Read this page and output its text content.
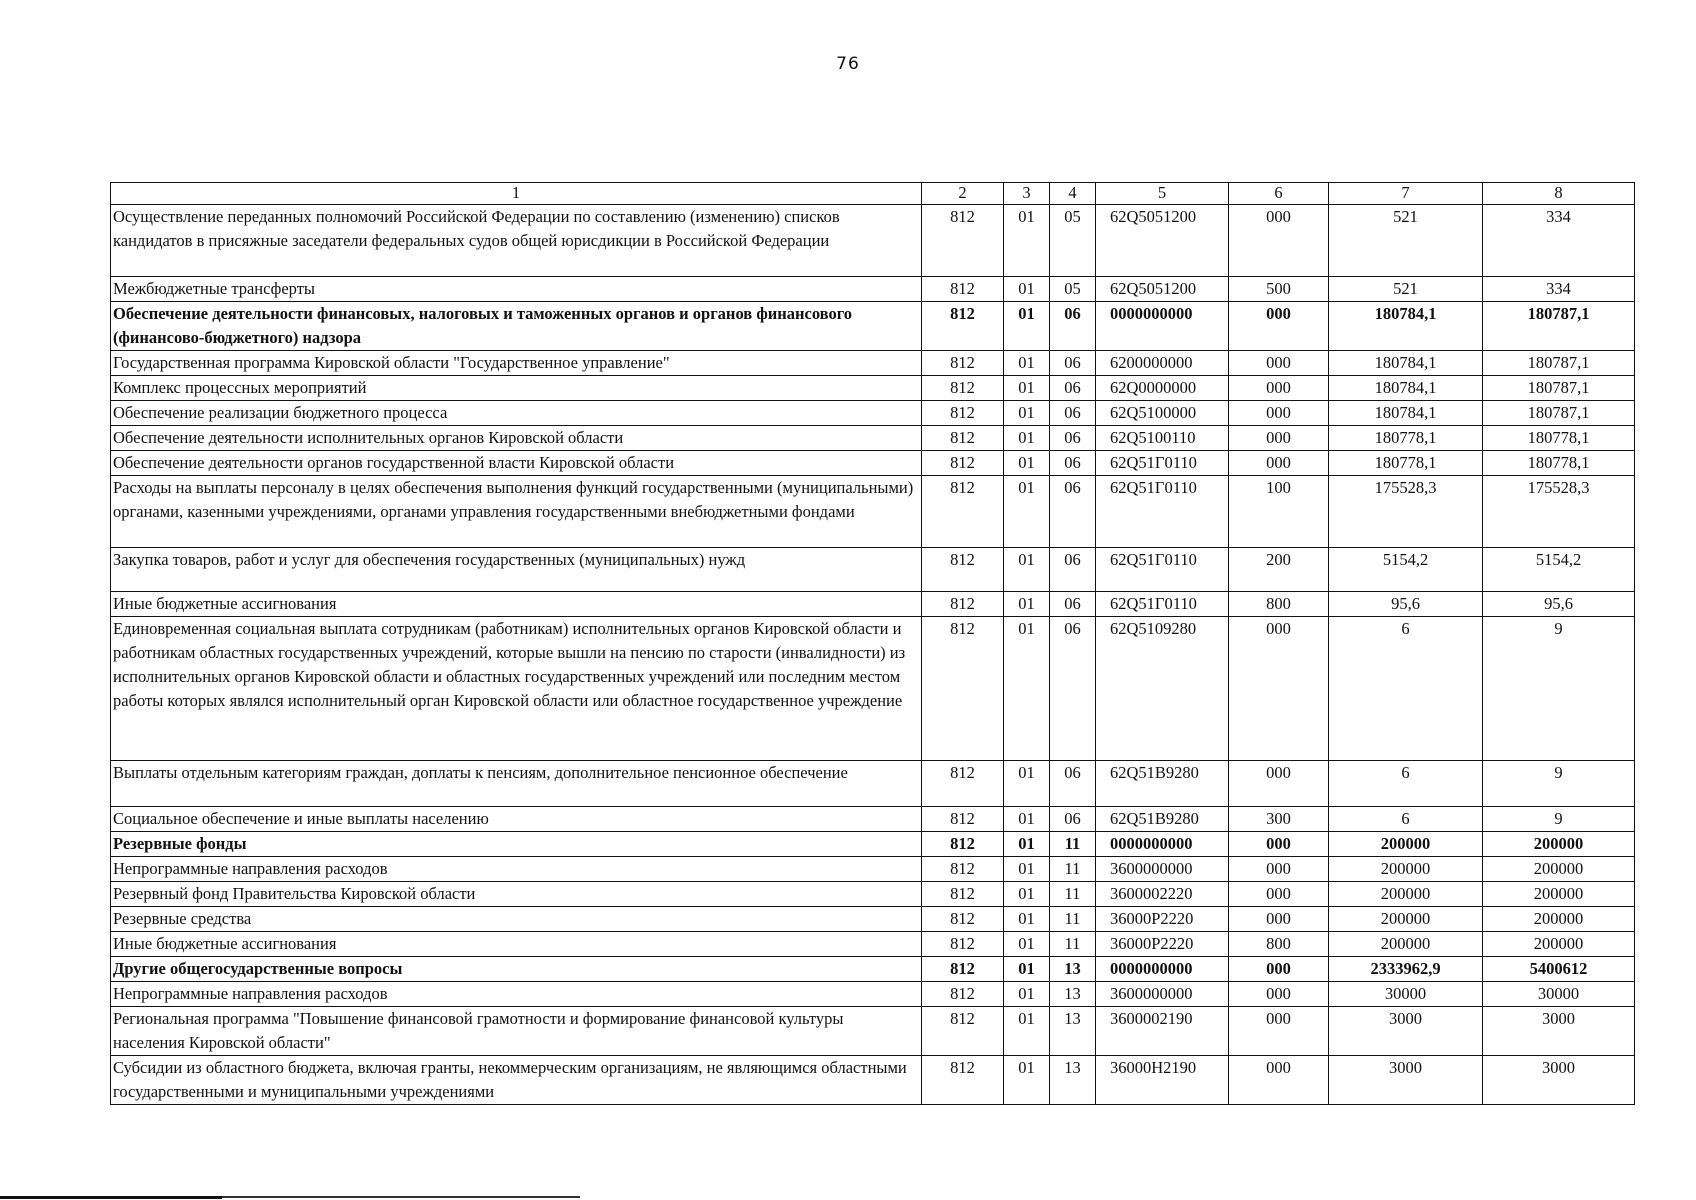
76
1	2	3	4	5	6	7	8
Осуществление переданных полномочий Российской Федерации по составлению (изменению) списков кандидатов в присяжные заседатели федеральных судов общей юрисдикции в Российской Федерации	812	01	05	62Q5051200	000	521	334
Межбюджетные трансферты	812	01	05	62Q5051200	500	521	334
Обеспечение деятельности финансовых, налоговых и таможенных органов и органов финансового (финансово-бюджетного) надзора	812	01	06	0000000000	000	180784,1	180787,1
Государственная программа Кировской области "Государственное управление"	812	01	06	6200000000	000	180784,1	180787,1
Комплекс процессных мероприятий	812	01	06	62Q0000000	000	180784,1	180787,1
Обеспечение реализации бюджетного процесса	812	01	06	62Q5100000	000	180784,1	180787,1
Обеспечение деятельности исполнительных органов Кировской области	812	01	06	62Q5100110	000	180778,1	180778,1
Обеспечение деятельности органов государственной власти Кировской области	812	01	06	62Q51Г0110	000	180778,1	180778,1
Расходы на выплаты персоналу в целях обеспечения выполнения функций государственными (муниципальными) органами, казенными учреждениями, органами управления государственными внебюджетными фондами	812	01	06	62Q51Г0110	100	175528,3	175528,3
Закупка товаров, работ и услуг для обеспечения государственных (муниципальных) нужд	812	01	06	62Q51Г0110	200	5154,2	5154,2
Иные бюджетные ассигнования	812	01	06	62Q51Г0110	800	95,6	95,6
Единовременная социальная выплата сотрудникам (работникам) исполнительных органов Кировской области и работникам областных государственных учреждений, которые вышли на пенсию по старости (инвалидности) из исполнительных органов Кировской области и областных государственных учреждений или последним местом работы которых являлся исполнительный орган Кировской области или областное государственное учреждение	812	01	06	62Q5109280	000	6	9
Выплаты отдельным категориям граждан, доплаты к пенсиям, дополнительное пенсионное обеспечение	812	01	06	62Q51B9280	000	6	9
Социальное обеспечение и иные выплаты населению	812	01	06	62Q51B9280	300	6	9
Резервные фонды	812	01	11	0000000000	000	200000	200000
Непрограммные направления расходов	812	01	11	3600000000	000	200000	200000
Резервный фонд Правительства Кировской области	812	01	11	3600002220	000	200000	200000
Резервные средства	812	01	11	36000P2220	000	200000	200000
Иные бюджетные ассигнования	812	01	11	36000P2220	800	200000	200000
Другие общегосударственные вопросы	812	01	13	0000000000	000	2333962,9	5400612
Непрограммные направления расходов	812	01	13	3600000000	000	30000	30000
Региональная программа "Повышение финансовой грамотности и формирование финансовой культуры населения Кировской области"	812	01	13	3600002190	000	3000	3000
Субсидии из областного бюджета, включая гранты, некоммерческим организациям, не являющимся областными государственными и муниципальными учреждениями	812	01	13	36000H2190	000	3000	3000
